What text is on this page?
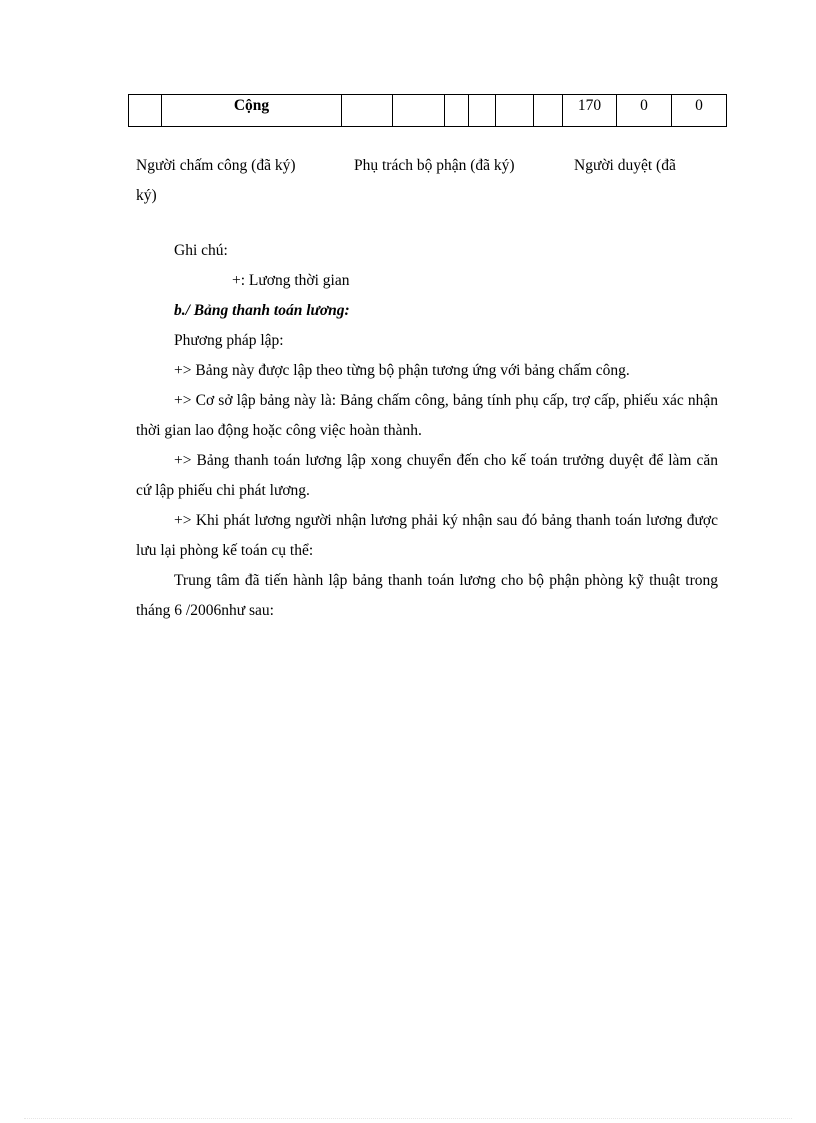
	Cộng							170	0	0
Người chấm công (đã ký)	Phụ trách bộ phận (đã ký)	Người duyệt (đã
ký)
Ghi chú:
+: Lương thời gian
b./ Bảng thanh toán lương:
Phương pháp lập:
+> Bảng này được lập theo từng bộ phận tương ứng với bảng chấm công.
+> Cơ sở lập bảng này là: Bảng chấm công, bảng tính phụ cấp, trợ cấp, phiếu xác nhận thời gian lao động hoặc công việc hoàn thành.
+> Bảng thanh toán lương lập xong chuyển đến cho kế toán trưởng duyệt để làm căn cứ lập phiếu chi phát lương.
+> Khi phát lương người nhận lương phải ký nhận sau đó bảng thanh toán lương được lưu lại phòng kế toán cụ thể:
Trung tâm đã tiến hành lập bảng thanh toán lương cho bộ phận phòng kỹ thuật trong tháng 6 /2006như sau:
